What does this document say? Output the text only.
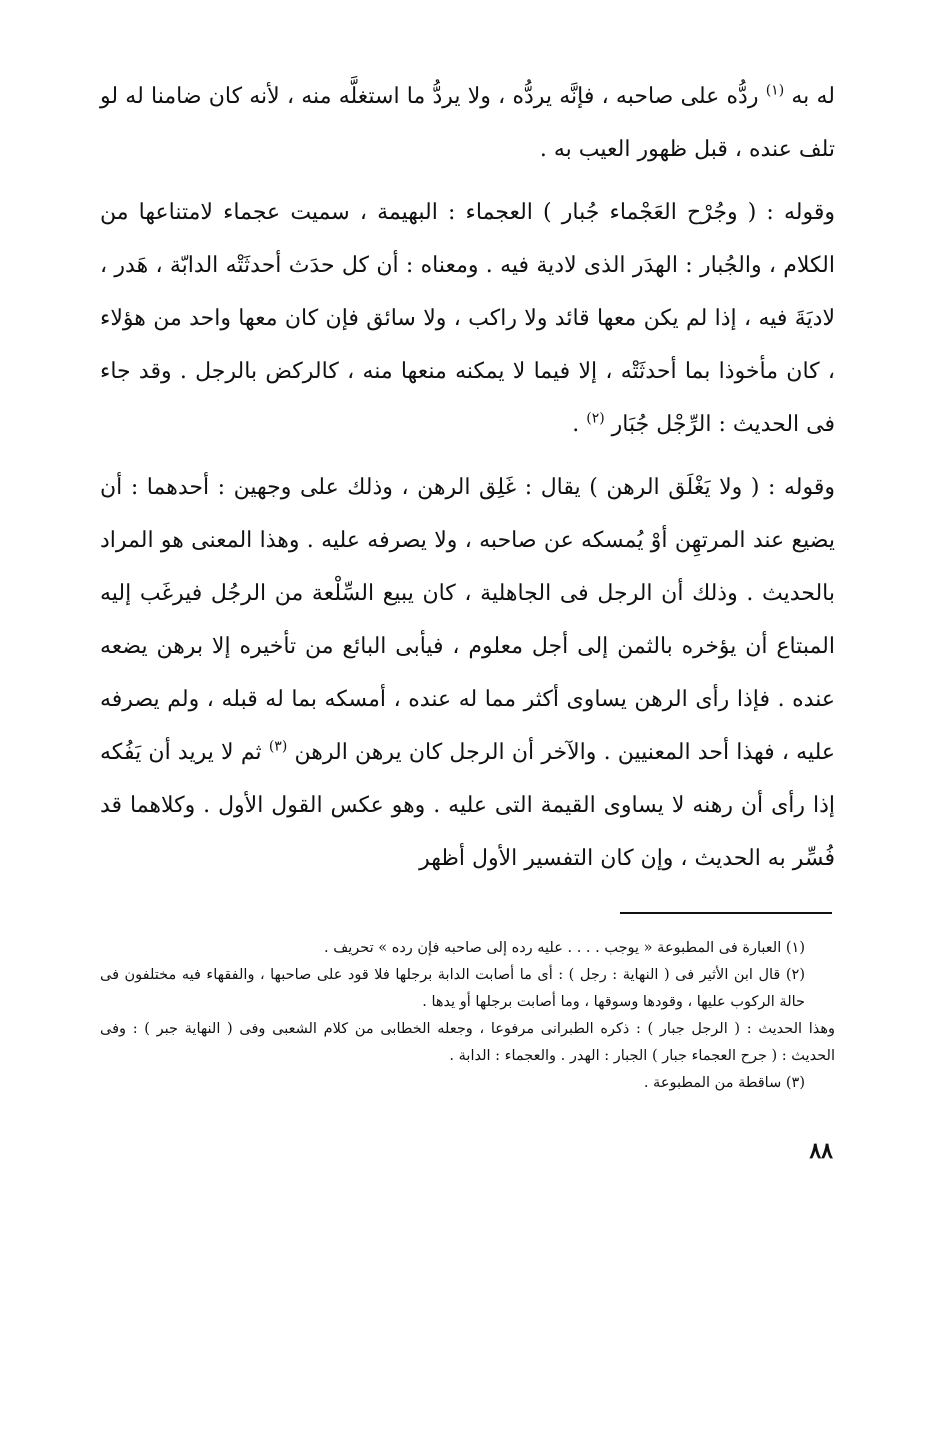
له به $^{(١)}$ ردُّه على صاحبه ، فإنَّه يردُّه ، ولا يردُّ ما استغلَّه منه ، لأنه كان ضامنا له لو تلف عنده ، قبل ظهور العيب به .

وقوله : ( وجُرْح العَجْماء جُبار ) العجماء : البهيمة ، سميت عجماء لامتناعها من الكلام ، والجُبار : الهدَر الذى لادية فيه . ومعناه : أن كل حدَث أحدثَتْه الدابّة ، هَدر ، لاديَةَ فيه ، إذا لم يكن معها قائد ولا راكب ، ولا سائق فإن كان معها واحد من هؤلاء ، كان مأخوذا بما أحدثَتْه ، إلا فيما لا يمكنه منعها منه ، كالركض بالرجل . وقد جاء فى الحديث : الرِّجْل جُبَار $^{(٢)}$ .

وقوله : ( ولا يَغْلَق الرهن ) يقال : غَلِق الرهن ، وذلك على وجهين : أحدهما : أن يضيع عند المرتهِن أوْ يُمسكه عن صاحبه ، ولا يصرفه عليه . وهذا المعنى هو المراد بالحديث . وذلك أن الرجل فى الجاهلية ، كان يبيع السِّلْعة من الرجُل فيرغَب إليه المبتاع أن يؤخره بالثمن إلى أجل معلوم ، فيأبى البائع من تأخيره إلا برهن يضعه عنده . فإذا رأى الرهن يساوى أكثر مما له عنده ، أمسكه بما له قبله ، ولم يصرفه عليه ، فهذا أحد المعنيين . والآخر أن الرجل كان يرهن الرهن $^{(٣)}$ ثم لا يريد أن يَفُكه إذا رأى أن رهنه لا يساوى القيمة التى عليه . وهو عكس القول الأول . وكلاهما قد فُسِّر به الحديث ، وإن كان التفسير الأول أظهر

(١) العبارة فى المطبوعة « يوجب . . . . عليه رده إلى صاحبه فإن رده » تحريف .

(٢) قال ابن الأثير فى ( النهاية : رجل ) : أى ما أصابت الدابة برجلها فلا قود على صاحبها ، والفقهاء فيه مختلفون فى حالة الركوب عليها ، وقودها وسوقها ، وما أصابت برجلها أو يدها .

وهذا الحديث : ( الرجل جبار ) : ذكره الطبرانى مرفوعا ، وجعله الخطابى من كلام الشعبى وفى ( النهاية جبر ) : وفى الحديث : ( جرح العجماء جبار ) الجبار : الهدر . والعجماء : الدابة .

(٣) ساقطة من المطبوعة .

٨٨
